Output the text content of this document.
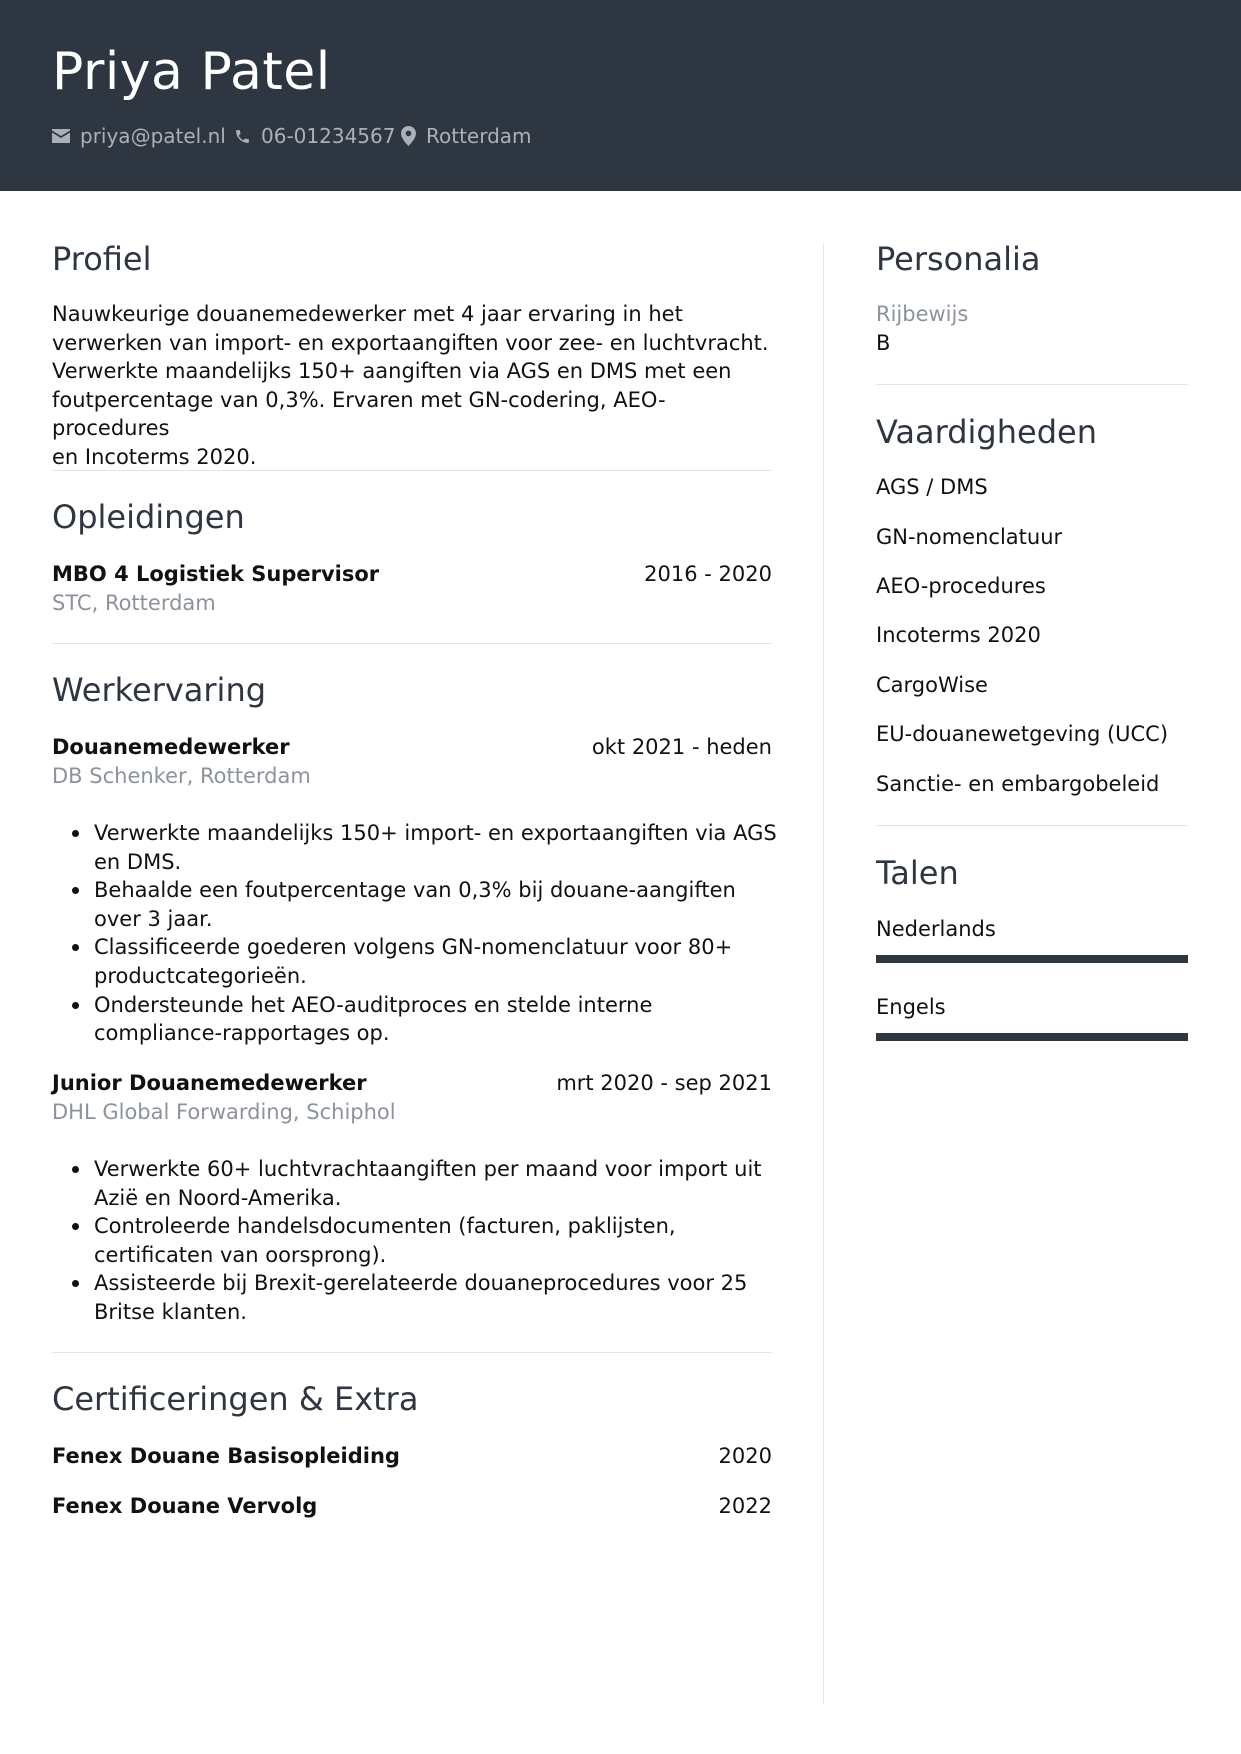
Priya Patel
priya@patel.nl 06-01234567 Rotterdam
Profiel
Nauwkeurige douanemedewerker met 4 jaar ervaring in het
verwerken van import- en exportaangiften voor zee- en luchtvracht.
Verwerkte maandelijks 150+ aangiften via AGS en DMS met een
foutpercentage van 0,3%. Ervaren met GN-codering, AEO-procedures
en Incoterms 2020.
Opleidingen
MBO 4 Logistiek Supervisor	2016 - 2020
STC, Rotterdam
Werkervaring
Douanemedewerker	okt 2021 - heden
DB Schenker, Rotterdam
Verwerkte maandelijks 150+ import- en exportaangiften via AGS
en DMS.
Behaalde een foutpercentage van 0,3% bij douane-aangiften
over 3 jaar.
Classificeerde goederen volgens GN-nomenclatuur voor 80+
productcategorieën.
Ondersteunde het AEO-auditproces en stelde interne
compliance-rapportages op.
Junior Douanemedewerker	mrt 2020 - sep 2021
DHL Global Forwarding, Schiphol
Verwerkte 60+ luchtvrachtaangiften per maand voor import uit
Azië en Noord-Amerika.
Controleerde handelsdocumenten (facturen, paklijsten,
certificaten van oorsprong).
Assisteerde bij Brexit-gerelateerde douaneprocedures voor 25
Britse klanten.
Certificeringen & Extra
Fenex Douane Basisopleiding	2020
Fenex Douane Vervolg	2022
Personalia
Rijbewijs
B
Vaardigheden
AGS / DMS
GN-nomenclatuur
AEO-procedures
Incoterms 2020
CargoWise
EU-douanewetgeving (UCC)
Sanctie- en embargobeleid
Talen
Nederlands
Engels
